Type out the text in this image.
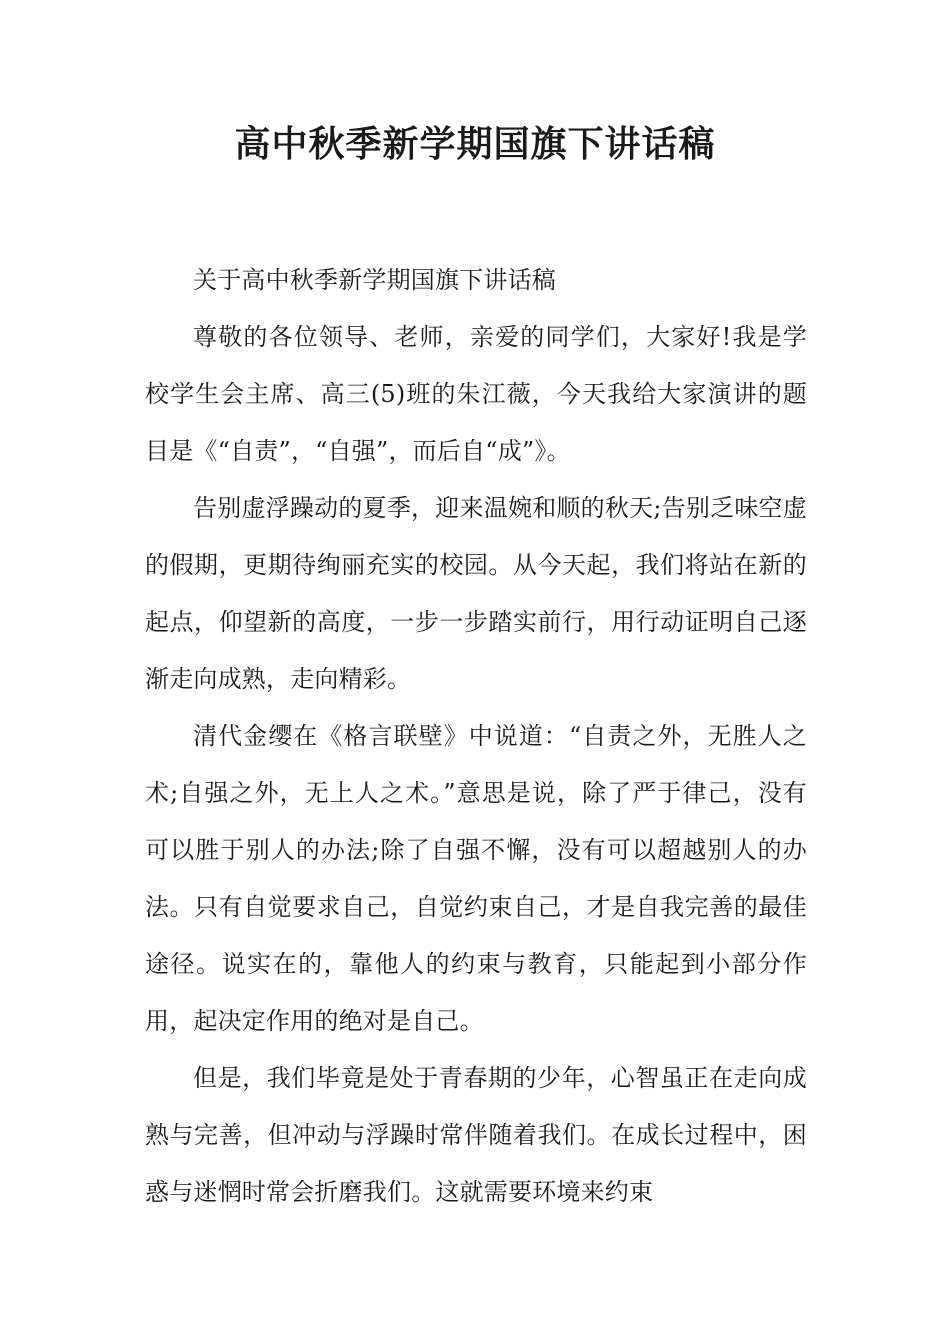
高中秋季新学期国旗下讲话稿

关于高中秋季新学期国旗下讲话稿

尊敬的各位领导、老师，亲爱的同学们，大家好!我是学校学生会主席、高三(5)班的朱江薇，今天我给大家演讲的题目是《“自责”，“自强”，而后自“成”》。

告别虚浮躁动的夏季，迎来温婉和顺的秋天;告别乏味空虚的假期，更期待绚丽充实的校园。从今天起，我们将站在新的起点，仰望新的高度，一步一步踏实前行，用行动证明自己逐渐走向成熟，走向精彩。

清代金缨在《格言联壁》中说道：“自责之外，无胜人之术;自强之外，无上人之术。”意思是说，除了严于律己，没有可以胜于别人的办法;除了自强不懈，没有可以超越别人的办法。只有自觉要求自己，自觉约束自己，才是自我完善的最佳途径。说实在的，靠他人的约束与教育，只能起到小部分作用，起决定作用的绝对是自己。

但是，我们毕竟是处于青春期的少年，心智虽正在走向成熟与完善，但冲动与浮躁时常伴随着我们。在成长过程中，困惑与迷惘时常会折磨我们。这就需要环境来约束
